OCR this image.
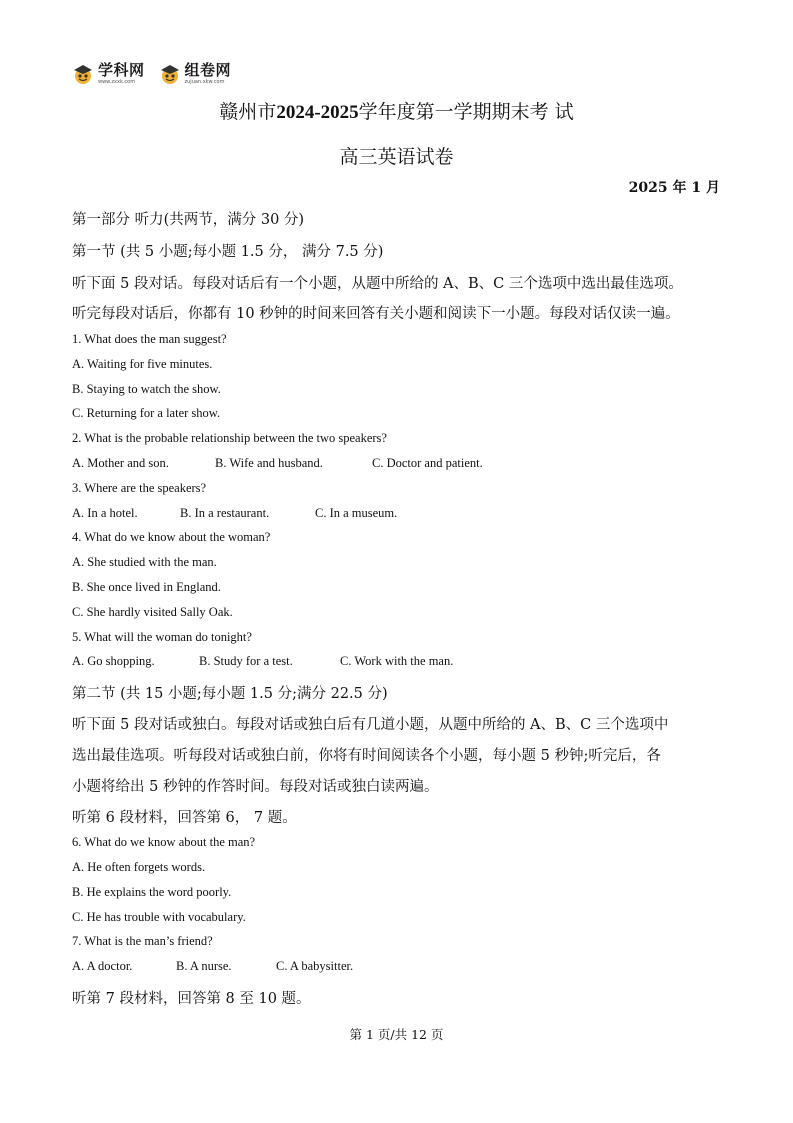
学科网
www.zxxk.com
组卷网
zujuan.xkw.com
赣州市2024-2025学年度第一学期期末考 试
高三英语试卷
2025 年 1 月
第一部分 听力(共两节，满分 30 分)
第一节 (共 5 小题;每小题 1.5 分， 满分 7.5 分)
听下面 5 段对话。每段对话后有一个小题，从题中所给的 A、B、C 三个选项中选出最佳选项。
听完每段对话后，你都有 10 秒钟的时间来回答有关小题和阅读下一小题。每段对话仅读一遍。
1. What does the man suggest?
A. Waiting for five minutes.
B. Staying to watch the show.
C. Returning for a later show.
2. What is the probable relationship between the two speakers?
A. Mother and son.	B. Wife and husband.	C. Doctor and patient.
3. Where are the speakers?
A. In a hotel.	B. In a restaurant.	C. In a museum.
4. What do we know about the woman?
A. She studied with the man.
B. She once lived in England.
C. She hardly visited Sally Oak.
5. What will the woman do tonight?
A. Go shopping.	B. Study for a test.	C. Work with the man.
第二节 (共 15 小题;每小题 1.5 分;满分 22.5 分)
听下面 5 段对话或独白。每段对话或独白后有几道小题，从题中所给的 A、B、C 三个选项中
选出最佳选项。听每段对话或独白前，你将有时间阅读各个小题，每小题 5 秒钟;听完后，各
小题将给出 5 秒钟的作答时间。每段对话或独白读两遍。
听第 6 段材料，回答第 6， 7 题。
6. What do we know about the man?
A. He often forgets words.
B. He explains the word poorly.
C. He has trouble with vocabulary.
7. What is the man’s friend?
A. A doctor.	B. A nurse.	C. A babysitter.
听第 7 段材料，回答第 8 至 10 题。
第 1 页/共 12 页
